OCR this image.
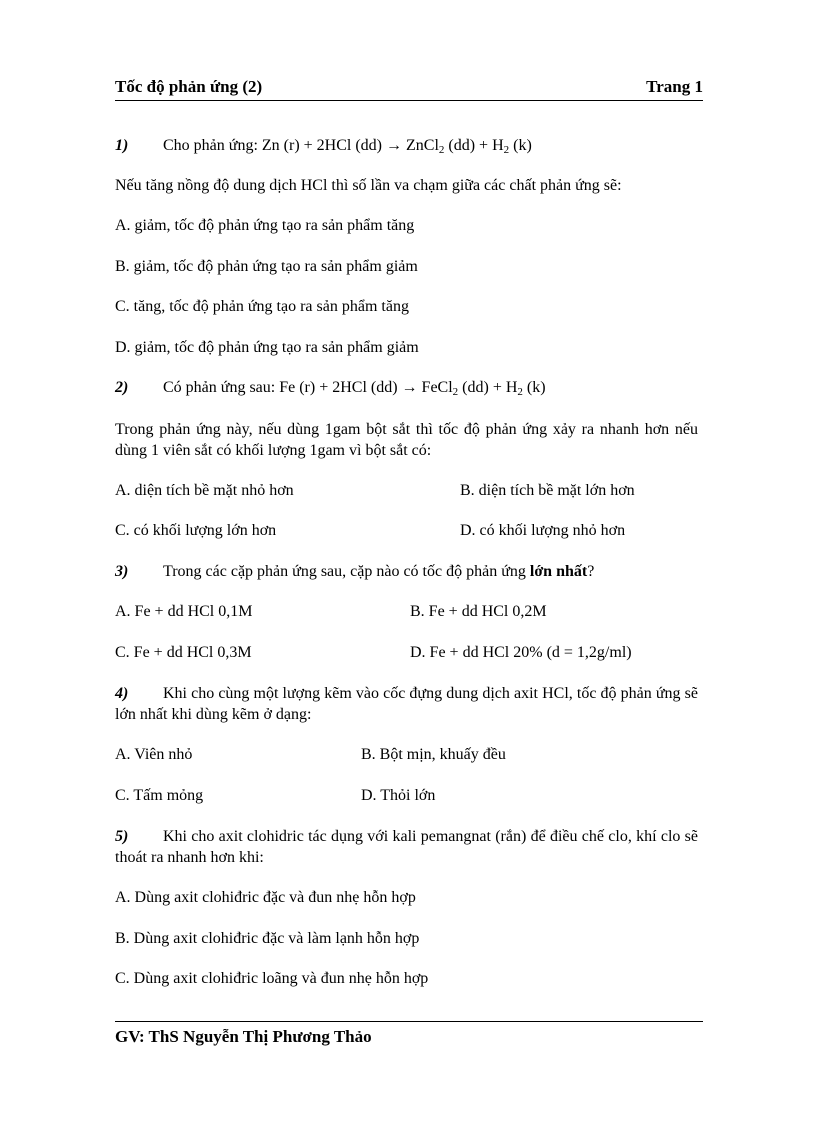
Tốc độ phản ứng (2)	Trang 1
1) Cho phản ứng: Zn (r) + 2HCl (dd) → ZnCl$_2$ $(dd) + H_2$ (k)
Nếu tăng nồng độ dung dịch HCl thì số lần va chạm giữa các chất phản ứng sẽ:
A. giảm, tốc độ phản ứng tạo ra sản phẩm tăng
B. giảm, tốc độ phản ứng tạo ra sản phẩm giảm
C. tăng, tốc độ phản ứng tạo ra sản phẩm tăng
D. giảm, tốc độ phản ứng tạo ra sản phẩm giảm
2) Có phản ứng sau: Fe (r) + 2HCl (dd) → FeCl$_2$ $(dd) + H_2$ (k)
Trong phản ứng này, nếu dùng 1gam bột sắt thì tốc độ phản ứng xảy ra nhanh hơn nếu dùng 1 viên sắt có khối lượng 1gam vì bột sắt có:
A. diện tích bề mặt nhỏ hơn	B. diện tích bề mặt lớn hơn
C. có khối lượng lớn hơn	D. có khối lượng nhỏ hơn
3) Trong các cặp phản ứng sau, cặp nào có tốc độ phản ứng lớn nhất?
A. Fe + dd HCl 0,1M	B. Fe + dd HCl 0,2M
C. Fe + dd HCl 0,3M	D. Fe + dd HCl 20% (d = 1,2g/ml)
4) Khi cho cùng một lượng kẽm vào cốc đựng dung dịch axit HCl, tốc độ phản ứng sẽ lớn nhất khi dùng kẽm ở dạng:
A. Viên nhỏ	B. Bột mịn, khuấy đều
C. Tấm mỏng	D. Thỏi lớn
5) Khi cho axit clohidric tác dụng với kali pemangnat (rắn) để điều chế clo, khí clo sẽ thoát ra nhanh hơn khi:
A. Dùng axit clohiđric đặc và đun nhẹ hỗn hợp
B. Dùng axit clohiđric đặc và làm lạnh hỗn hợp
C. Dùng axit clohiđric loãng và đun nhẹ hỗn hợp
GV: ThS Nguyễn Thị Phương Thảo
